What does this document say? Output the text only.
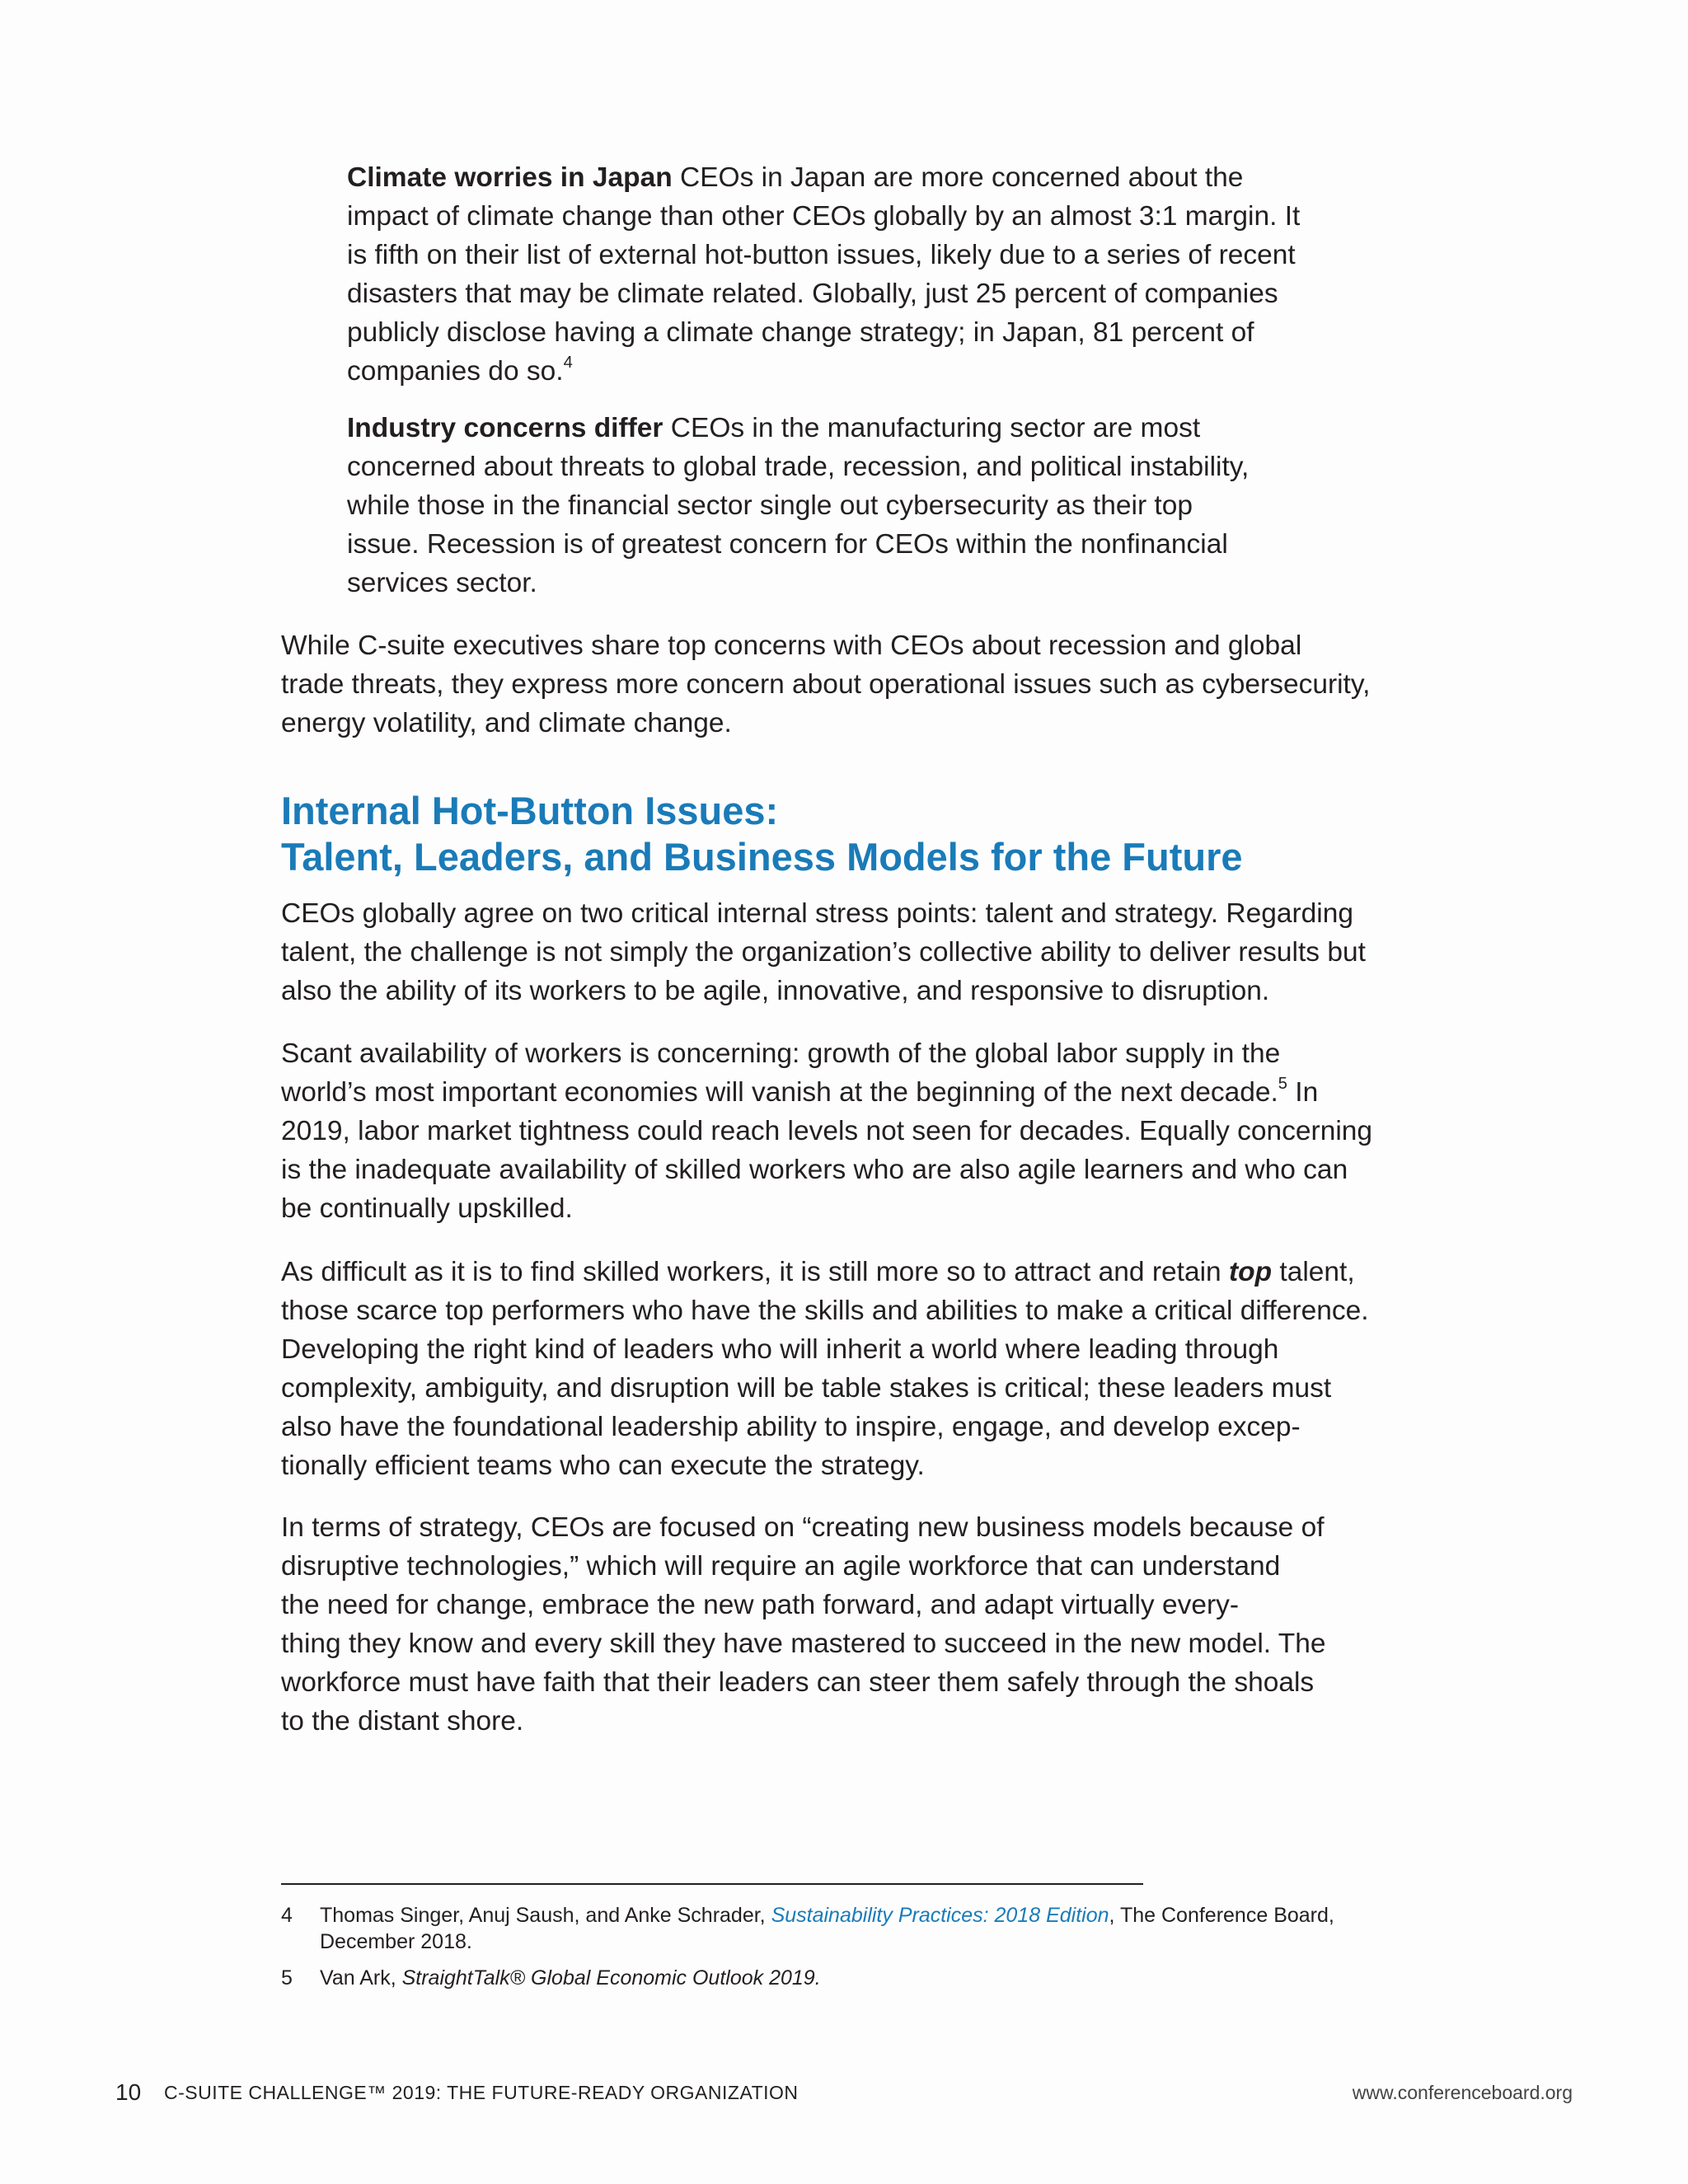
Climate worries in Japan CEOs in Japan are more concerned about the
impact of climate change than other CEOs globally by an almost 3:1 margin. It
is fifth on their list of external hot-button issues, likely due to a series of recent
disasters that may be climate related. Globally, just 25 percent of companies
publicly disclose having a climate change strategy; in Japan, 81 percent of
companies do so.$^4$
Industry concerns differ CEOs in the manufacturing sector are most
concerned about threats to global trade, recession, and political instability,
while those in the financial sector single out cybersecurity as their top
issue. Recession is of greatest concern for CEOs within the nonfinancial
services sector.
While C-suite executives share top concerns with CEOs about recession and global
trade threats, they express more concern about operational issues such as cybersecurity,
energy volatility, and climate change.
Internal Hot-Button Issues:
Talent, Leaders, and Business Models for the Future
CEOs globally agree on two critical internal stress points: talent and strategy. Regarding
talent, the challenge is not simply the organization’s collective ability to deliver results but
also the ability of its workers to be agile, innovative, and responsive to disruption.
Scant availability of workers is concerning: growth of the global labor supply in the
world’s most important economies will vanish at the beginning of the next decade.$^5$ In
2019, labor market tightness could reach levels not seen for decades. Equally concerning
is the inadequate availability of skilled workers who are also agile learners and who can
be continually upskilled.
As difficult as it is to find skilled workers, it is still more so to attract and retain top talent,
those scarce top performers who have the skills and abilities to make a critical difference.
Developing the right kind of leaders who will inherit a world where leading through
complexity, ambiguity, and disruption will be table stakes is critical; these leaders must
also have the foundational leadership ability to inspire, engage, and develop excep-
tionally efficient teams who can execute the strategy.
In terms of strategy, CEOs are focused on “creating new business models because of
disruptive technologies,” which will require an agile workforce that can understand
the need for change, embrace the new path forward, and adapt virtually every-
thing they know and every skill they have mastered to succeed in the new model. The
workforce must have faith that their leaders can steer them safely through the shoals
to the distant shore.
4 Thomas Singer, Anuj Saush, and Anke Schrader, Sustainability Practices: 2018 Edition, The Conference Board,
December 2018.
5 Van Ark, StraightTalk® Global Economic Outlook 2019.
10 C-SUITE CHALLENGE™ 2019: THE FUTURE-READY ORGANIZATION	www.conferenceboard.org
